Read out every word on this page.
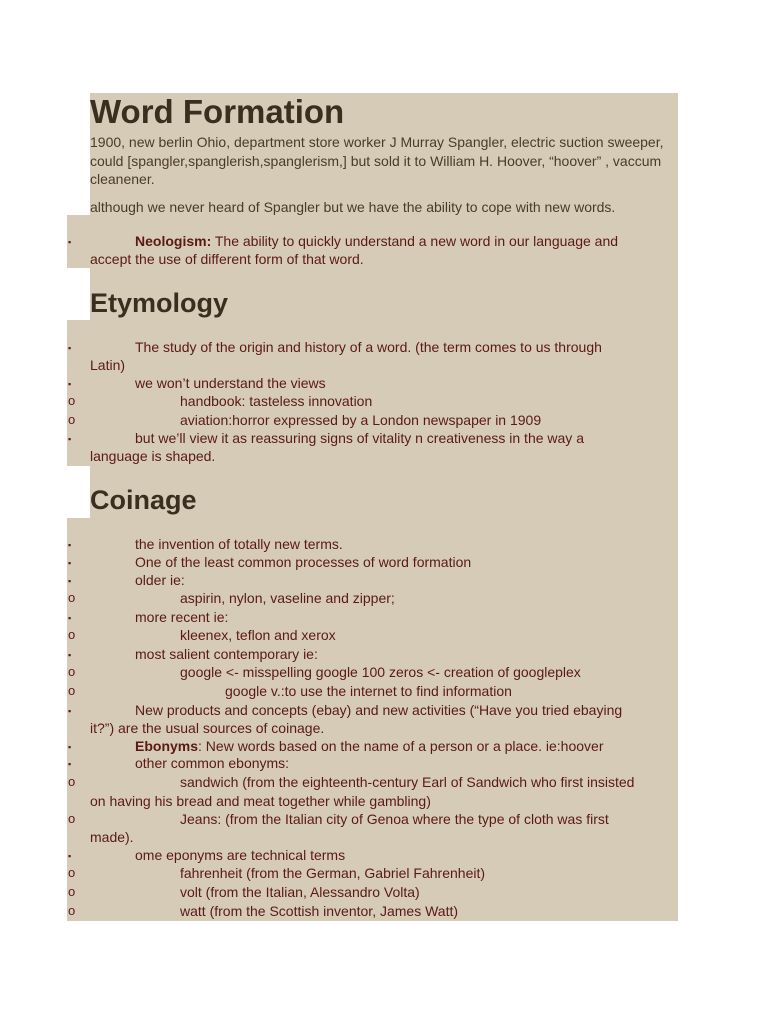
Word Formation
1900, new berlin Ohio, department store worker J Murray Spangler, electric suction sweeper, could [spangler,spanglerish,spanglerism,] but sold it to William H. Hoover, “hoover” , vaccum cleanener.
although we never heard of Spangler but we have the ability to cope with new words.
▪	Neologism: The ability to quickly understand a new word in our language and
accept the use of different form of that word.
Etymology
▪	The study of the origin and history of a word. (the term comes to us through
Latin)
▪	we won’t understand the views
o	handbook: tasteless innovation
o	aviation:horror expressed by a London newspaper in 1909
▪	but we’ll view it as reassuring signs of vitality n creativeness in the way a
language is shaped.
Coinage
▪	the invention of totally new terms.
▪	One of the least common processes of word formation
▪	older ie:
o	aspirin, nylon, vaseline and zipper;
▪	more recent ie:
o	kleenex, teflon and xerox
▪	most salient contemporary ie:
o	google <- misspelling google 100 zeros <- creation of googleplex
o	google v.:to use the internet to find information
▪	New products and concepts (ebay) and new activities (“Have you tried ebaying
it?”) are the usual sources of coinage.
▪	Ebonyms: New words based on the name of a person or a place. ie:hoover
▪	other common ebonyms:
o	sandwich (from the eighteenth-century Earl of Sandwich who first insisted
on having his bread and meat together while gambling)
o	Jeans: (from the Italian city of Genoa where the type of cloth was first
made).
▪	ome eponyms are technical terms
o	fahrenheit (from the German, Gabriel Fahrenheit)
o	volt (from the Italian, Alessandro Volta)
o	watt (from the Scottish inventor, James Watt)
